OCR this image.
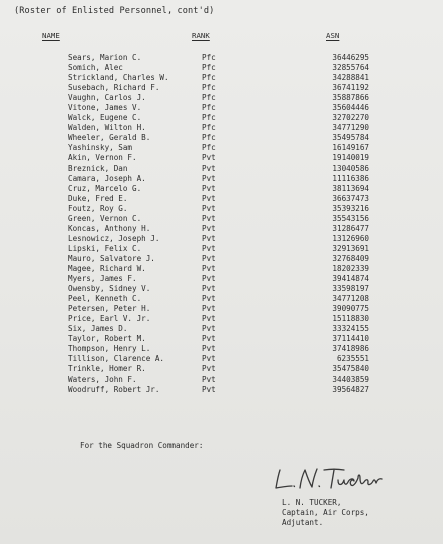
(Roster of Enlisted Personnel, cont'd)
NAME	RANK	ASN
Sears, Marion C.	Pfc	36446295
Somich, Alec	Pfc	32855764
Strickland, Charles W.	Pfc	34288841
Susebach, Richard F.	Pfc	36741192
Vaughn, Carlos J.	Pfc	35887866
Vitone, James V.	Pfc	35604446
Walck, Eugene C.	Pfc	32702270
Walden, Wilton H.	Pfc	34771290
Wheeler, Gerald B.	Pfc	35495784
Yashinsky, Sam	Pfc	16149167
Akin, Vernon F.	Pvt	19140019
Breznick, Dan	Pvt	13040586
Camara, Joseph A.	Pvt	11116386
Cruz, Marcelo G.	Pvt	38113694
Duke, Fred E.	Pvt	36637473
Foutz, Roy G.	Pvt	35393216
Green, Vernon C.	Pvt	35543156
Koncas, Anthony H.	Pvt	31286477
Lesnowicz, Joseph J.	Pvt	13126960
Lipski, Felix C.	Pvt	32913691
Mauro, Salvatore J.	Pvt	32768409
Magee, Richard W.	Pvt	18202339
Myers, James F.	Pvt	39414874
Owensby, Sidney V.	Pvt	33598197
Peel, Kenneth C.	Pvt	34771208
Petersen, Peter H.	Pvt	39090775
Price, Earl V. Jr.	Pvt	15118830
Six, James D.	Pvt	33324155
Taylor, Robert M.	Pvt	37114410
Thompson, Henry L.	Pvt	37418986
Tillison, Clarence A.	Pvt	6235551
Trinkle, Homer R.	Pvt	35475840
Waters, John F.	Pvt	34403859
Woodruff, Robert Jr.	Pvt	39564827
For the Squadron Commander:
L. N. TUCKER,
Captain, Air Corps,
Adjutant.
